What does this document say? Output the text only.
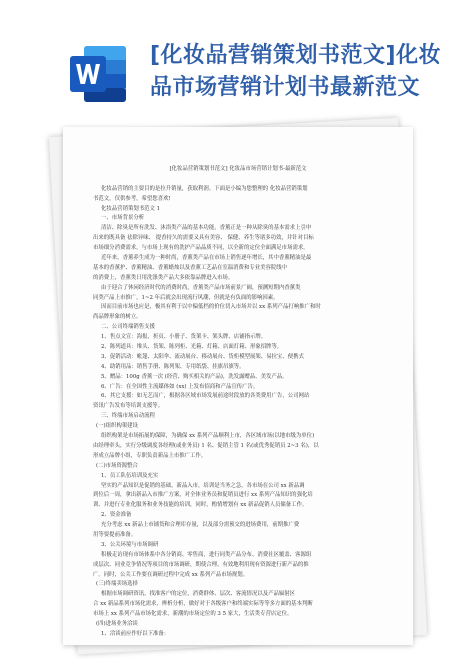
[化妆品营销策划书范文]化妆品市场营销计划书最新范文
[化妆品营销策划书范文] 化妆品市场营销计划书-最新范文
化妆品营销的主要目的是拉升销量，获取利润。下面是小编为您整理的 化妆品营销策划
书范文，仅供参考，希望您喜欢!
化妆品营销策划书范文 1
一、市场背景分析
清洁、除臭是所有洗发、沐浴类产品的基本功能，香薰正是一种从除臭的基本需求上引申
出来的既具备 祛除异味、 提香持久的需要又具有美容、 保健、养生等诸多功效，并针对目标
市场细分消费需求，与市场上现有的洗护产品品质不同，以全新的定位全面满足市场需求。
近年来，香薰养生成为一种时尚，香薰类产品在市场上销售逐年增长，其中香薰精油是最
基本的香薰护、香薰精油、香薰蜡烛以及香薰工艺品在室温消费和专业美容院线中
的消费上，香薰类日用洗涤类产品大多依靠品牌进入市场。
由于迎合了休闲经济时代的消费时尚，香薰类产品市场前景广阔，预测短期内香薰类
同类产品上市推广，1~2 年后就会出现流行风潮，但就是有负面的影响因素。
因而目前市场也应是，极其有利于以中偏低档的价位切入市场并以 xx 系列产品打响推广和时
尚品牌形象的树立。
二、公司终端销售支援
1、售点文宣：海报、折页、小册子、货架卡、架头牌、店铺指示牌。
2、陈列道具：堆头、货架、陈列柜、光箱、灯箱、店面灯箱、形象招牌等。
3、促销活动：帐篷、太阳伞、流动展台、移动展台、货柜模型展架、易拉宝、便携式
4、助销用品：销售手册、陈列架、专用纸袋、挂旗吊旗等。
5、赠品：100g 香薰一次 (经营、购买相关的产品)，洗发露赠品、美发产品。
6、广告：在全国性主流媒体如 (xx) 上发布招商和产品宣传广告。
6、其它支援：如无艺而广，根据各区域市场发展前途时段放的各类费用广告，公司网站
资讯广告发布等培训支援等。
三、终端市场启动流程
(一)组织构架建设
组织构架是市场拓展的保障，为确保 xx 系列产品顺利上市，各区域市场(以地市级为单位)
由经理牵头，实行分级调度各经理(或业务员) 1 名、促销主管 1 名(或优秀促销员 2~3 名)，以
形成立品牌小组，专职负责新品上市推广工作。
(二)市场资源整合
1、员工队伍培训及充实
坚实的产品知识是促销的基础，新品入市，培训是当务之急，各市场在公司 xx 新品调
到位后一周，拿出新品入市推广方案，对全体业务员和促销员进行 xx 系列产品知识的强化培
训、并进行专业化服务和业务技能的培训，同时，酌情增划有 xx 新品促销人员储备工作。
2、资金准备
充分考虑 xx 新品上市铺货和合理库存量，以及部分需预交的进场费用，前期推广费
用等要提前准备。
3、公关环境与市场调研
积极走访现有市场体系中各分销商、零售商，进行同类产品分布、消费社区覆盖、客源组
成层次、同业竞争情况等项目的市场调研，期使合理、有效地利用现有资源进行新产品的推
广。同时，公关工作要在调研过程中完成 xx 系列产品市场规划。
(三)终端卖场选择
根据市场调研资讯，找准客户的定位，消费群体、层次、客流情况以及产品辐射区
合 xx 新品系列市场化需求，辨析分析，做好对于各级客户和终端实际等等多方面的基本判断
市场上 xx 系列产品市场化需求，新潮的市场定位的 3 5 家大，生活类专营店定位。
(四)进场业务洽谈
1、洽谈前应作好以下准备：
